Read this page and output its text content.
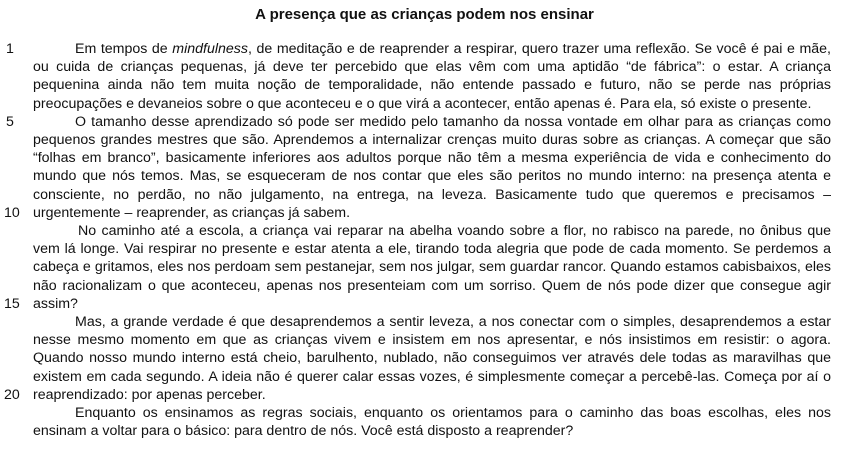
A presença que as crianças podem nos ensinar
1
5
10
15
20

Em tempos de mindfulness, de meditação e de reaprender a respirar, quero trazer uma reflexão. Se você é pai e mãe, ou cuida de crianças pequenas, já deve ter percebido que elas vêm com uma aptidão “de fábrica”: o estar. A criança pequenina ainda não tem muita noção de temporalidade, não entende passado e futuro, não se perde nas próprias preocupações e devaneios sobre o que aconteceu e o que virá a acontecer, então apenas é. Para ela, só existe o presente.

O tamanho desse aprendizado só pode ser medido pelo tamanho da nossa vontade em olhar para as crianças como pequenos grandes mestres que são. Aprendemos a internalizar crenças muito duras sobre as crianças. A começar que são “folhas em branco”, basicamente inferiores aos adultos porque não têm a mesma experiência de vida e conhecimento do mundo que nós temos. Mas, se esqueceram de nos contar que eles são peritos no mundo interno: na presença atenta e consciente, no perdão, no não julgamento, na entrega, na leveza. Basicamente tudo que queremos e precisamos – urgentemente – reaprender, as crianças já sabem.

No caminho até a escola, a criança vai reparar na abelha voando sobre a flor, no rabisco na parede, no ônibus que vem lá longe. Vai respirar no presente e estar atenta a ele, tirando toda alegria que pode de cada momento. Se perdemos a cabeça e gritamos, eles nos perdoam sem pestanejar, sem nos julgar, sem guardar rancor. Quando estamos cabisbaixos, eles não racionalizam o que aconteceu, apenas nos presenteiam com um sorriso. Quem de nós pode dizer que consegue agir assim?

Mas, a grande verdade é que desaprendemos a sentir leveza, a nos conectar com o simples, desaprendemos a estar nesse mesmo momento em que as crianças vivem e insistem em nos apresentar, e nós insistimos em resistir: o agora. Quando nosso mundo interno está cheio, barulhento, nublado, não conseguimos ver através dele todas as maravilhas que existem em cada segundo. A ideia não é querer calar essas vozes, é simplesmente começar a percebê-las. Começa por aí o reaprendizado: por apenas perceber.

Enquanto os ensinamos as regras sociais, enquanto os orientamos para o caminho das boas escolhas, eles nos ensinam a voltar para o básico: para dentro de nós. Você está disposto a reaprender?
